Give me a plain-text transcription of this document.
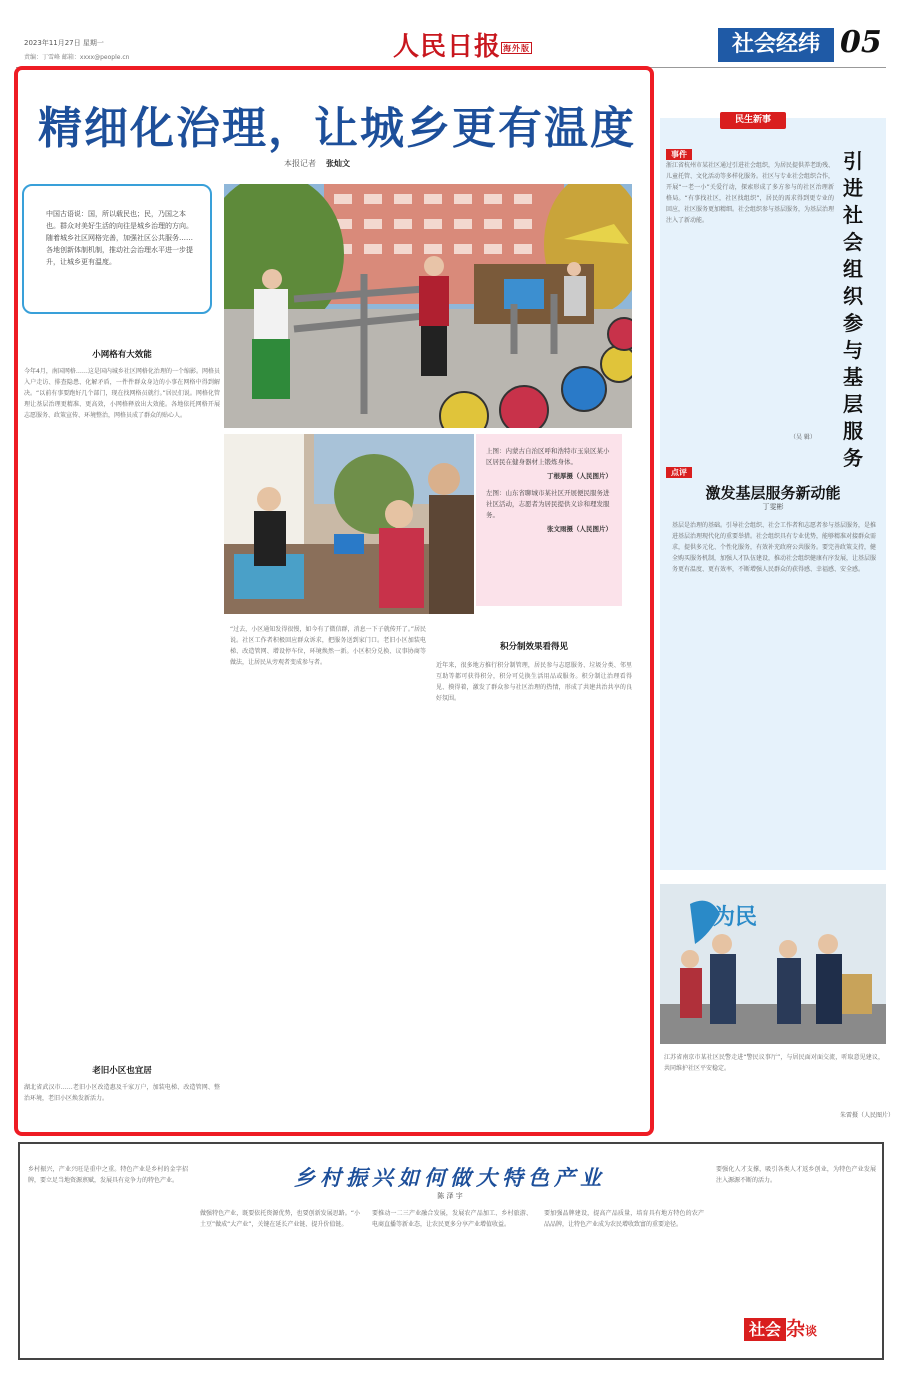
2023年11月27日 星期一
责编：丁雪峰 邮箱：xxxx@people.cn	人民日报 海外版	社会经纬 05
精细化治理，让城乡更有温度
本报记者 张灿文
中国古语说：国，所以载民也；民，乃国之本也。群众对美好生活的向往是城乡治理的方向。随着城乡社区网格完善，加强社区公共服务……各地创新体制机制，推动社会治理水平进一步提升，让城乡更有温度。
上图：内蒙古自治区呼和浩特市玉泉区某小区居民在健身器材上锻炼身体。
丁根厚摄（人民图片）
左图：山东省聊城市某社区开展便民服务进社区活动，志愿者为居民提供义诊和理发服务。
张文雨摄（人民图片）
小网格有大效能
今年4月，南国网格……这是国内城乡社区网格化治理的一个缩影。网格员入户走访、排查隐患、化解矛盾，一件件群众身边的小事在网格中得到解决。“以前有事要跑好几个部门，现在找网格员就行。”居民们说。网格化管理让基层治理更精准、更高效，小网格释放出大效能。各地依托网格开展志愿服务、政策宣传、环境整治，网格员成了群众的贴心人。
老旧小区也宜居
湖北省武汉市……老旧小区改造惠及千家万户，加装电梯、改造管网、整治环境，老旧小区焕发新活力。
“过去，小区通知发得很慢，如今有了微信群，消息一下子就传开了。”居民说。社区工作者积极回应群众诉求，把服务送到家门口。老旧小区加装电梯、改造管网、增设停车位，环境焕然一新。小区积分兑换、议事协商等做法，让居民从旁观者变成参与者。
积分制效果看得见
近年来，很多地方推行积分制管理，居民参与志愿服务、垃圾分类、邻里互助等都可获得积分，积分可兑换生活用品或服务。积分制让治理看得见、摸得着，激发了群众参与社区治理的热情，形成了共建共治共享的良好氛围。
民生新事
事件
浙江省杭州市某社区通过引进社会组织，为居民提供养老助残、儿童托管、文化活动等多样化服务。社区与专业社会组织合作，开展“一老一小”关爱行动，探索形成了多方参与的社区治理新格局。“有事找社区，社区找组织”，居民的需求得到更专业的回应，社区服务更加精细。社会组织参与基层服务，为基层治理注入了新动能。
（吴 辑）
引进社会组织参与基层服务
点评
激发基层服务新动能
丁雯彬
基层是治理的基础。引导社会组织、社会工作者和志愿者参与基层服务，是推进基层治理现代化的重要举措。社会组织具有专业优势，能够精准对接群众需求，提供多元化、个性化服务，有效补充政府公共服务。要完善政策支持，健全购买服务机制，加强人才队伍建设，推动社会组织健康有序发展，让基层服务更有温度、更有效率，不断增强人民群众的获得感、幸福感、安全感。
为民
江苏省南京市某社区民警走进“警民议事厅”，与居民面对面交流，听取意见建议，共同维护社区平安稳定。
朱雷摄（人民图片）
乡村振兴如何做大特色产业
陈 泽 宇
乡村振兴，产业兴旺是重中之重。特色产业是乡村的金字招牌，要立足当地资源禀赋，发展具有竞争力的特色产业。
做强特色产业，既要依托资源优势，也要创新发展思路。“小土豆”做成“大产业”，关键在延长产业链、提升价值链。
要推动一二三产业融合发展，发展农产品加工、乡村旅游、电商直播等新业态，让农民更多分享产业增值收益。
要加强品牌建设，提高产品质量，培育具有地方特色的农产品品牌，让特色产业成为农民增收致富的重要途径。
要强化人才支撑，吸引各类人才返乡创业，为特色产业发展注入源源不断的活力。
社会 杂谈
